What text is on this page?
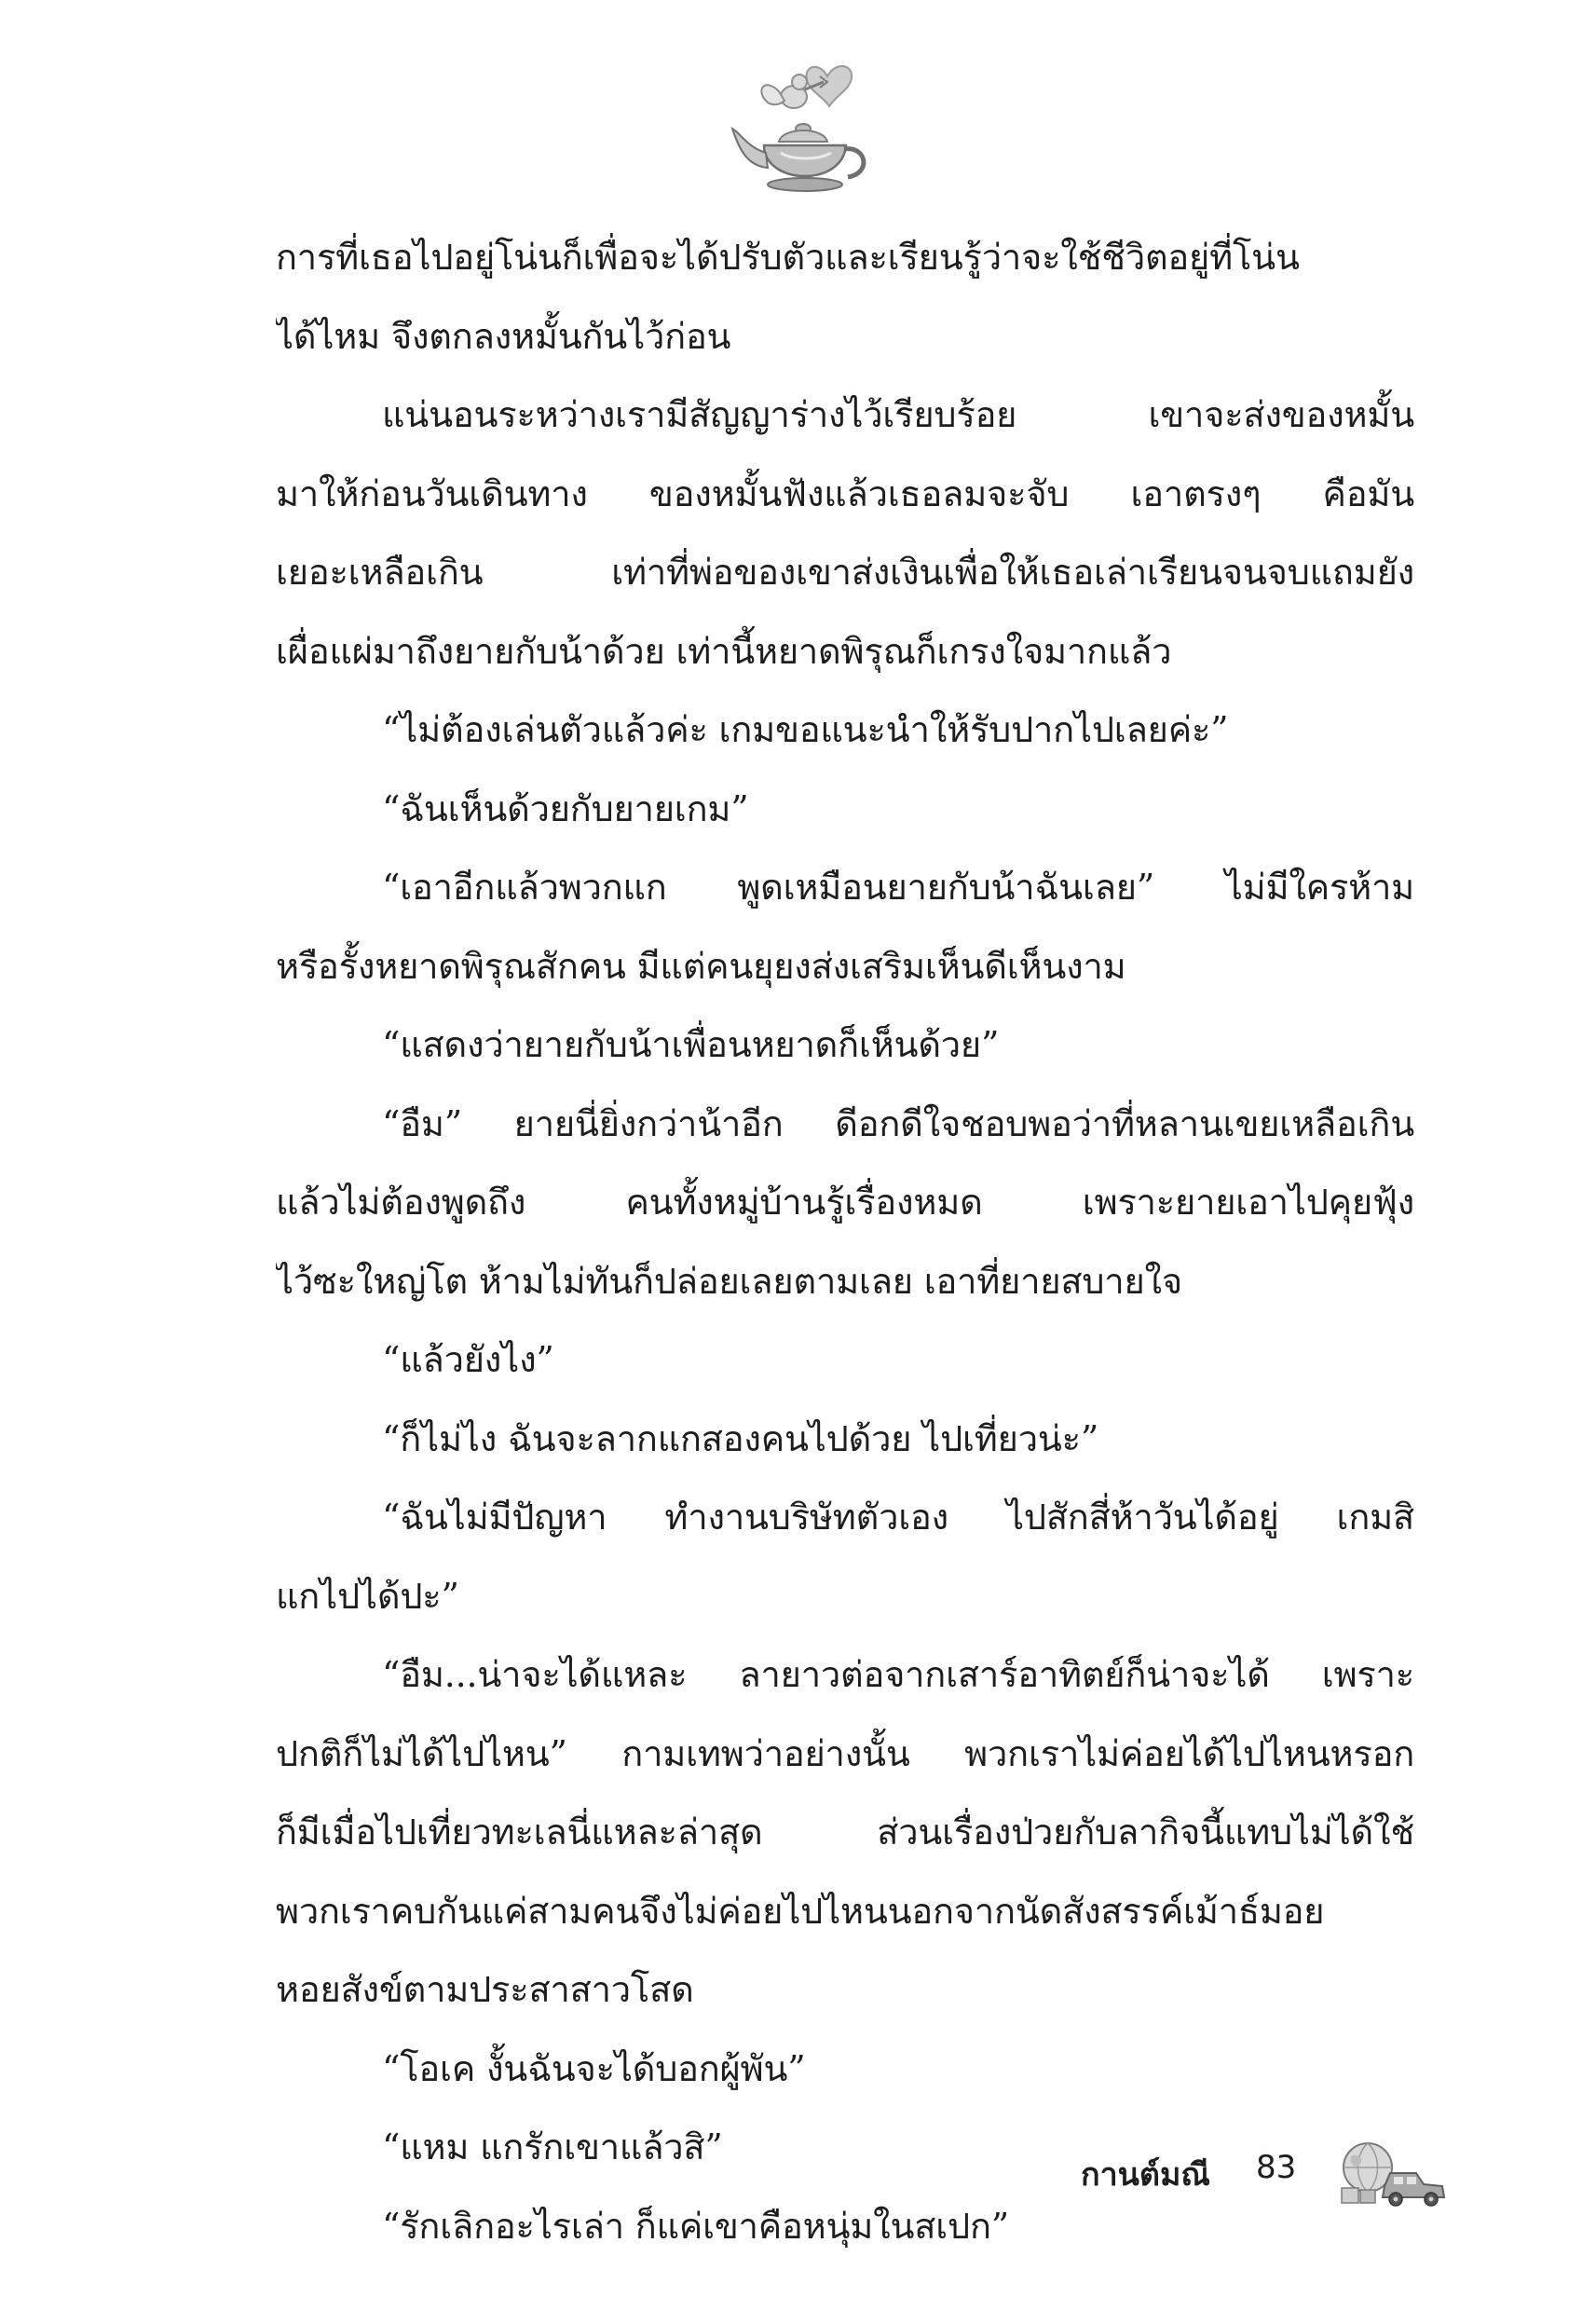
การที่เธอไปอยู่โน่นก็เพื่อจะได้ปรับตัวและเรียนรู้ว่าจะใช้ชีวิตอยู่ที่โน่น
ได้ไหม จึงตกลงหมั้นกันไว้ก่อน
แน่นอนระหว่างเรามีสัญญาร่างไว้เรียบร้อย เขาจะส่งของหมั้น
มาให้ก่อนวันเดินทาง ของหมั้นฟังแล้วเธอลมจะจับ เอาตรงๆ คือมัน
เยอะเหลือเกิน เท่าที่พ่อของเขาส่งเงินเพื่อให้เธอเล่าเรียนจนจบแถมยัง
เผื่อแผ่มาถึงยายกับน้าด้วย เท่านี้หยาดพิรุณก็เกรงใจมากแล้ว
“ไม่ต้องเล่นตัวแล้วค่ะ เกมขอแนะนำให้รับปากไปเลยค่ะ”
“ฉันเห็นด้วยกับยายเกม”
“เอาอีกแล้วพวกแก พูดเหมือนยายกับน้าฉันเลย” ไม่มีใครห้าม
หรือรั้งหยาดพิรุณสักคน มีแต่คนยุยงส่งเสริมเห็นดีเห็นงาม
“แสดงว่ายายกับน้าเพื่อนหยาดก็เห็นด้วย”
“อืม” ยายนี่ยิ่งกว่าน้าอีก ดีอกดีใจชอบพอว่าที่หลานเขยเหลือเกิน
แล้วไม่ต้องพูดถึง คนทั้งหมู่บ้านรู้เรื่องหมด เพราะยายเอาไปคุยฟุ้ง
ไว้ซะใหญ่โต ห้ามไม่ทันก็ปล่อยเลยตามเลย เอาที่ยายสบายใจ
“แล้วยังไง”
“ก็ไม่ไง ฉันจะลากแกสองคนไปด้วย ไปเที่ยวน่ะ”
“ฉันไม่มีปัญหา ทำงานบริษัทตัวเอง ไปสักสี่ห้าวันได้อยู่ เกมสิ
แกไปได้ปะ”
“อืม...น่าจะได้แหละ ลายาวต่อจากเสาร์อาทิตย์ก็น่าจะได้ เพราะ
ปกติก็ไม่ได้ไปไหน” กามเทพว่าอย่างนั้น พวกเราไม่ค่อยได้ไปไหนหรอก
ก็มีเมื่อไปเที่ยวทะเลนี่แหละล่าสุด ส่วนเรื่องป่วยกับลากิจนี้แทบไม่ได้ใช้
พวกเราคบกันแค่สามคนจึงไม่ค่อยไปไหนนอกจากนัดสังสรรค์เม้าธ์มอย
หอยสังข์ตามประสาสาวโสด
“โอเค งั้นฉันจะได้บอกผู้พัน”
“แหม แกรักเขาแล้วสิ”
“รักเลิกอะไรเล่า ก็แค่เขาคือหนุ่มในสเปก”
กานต์มณี 83
